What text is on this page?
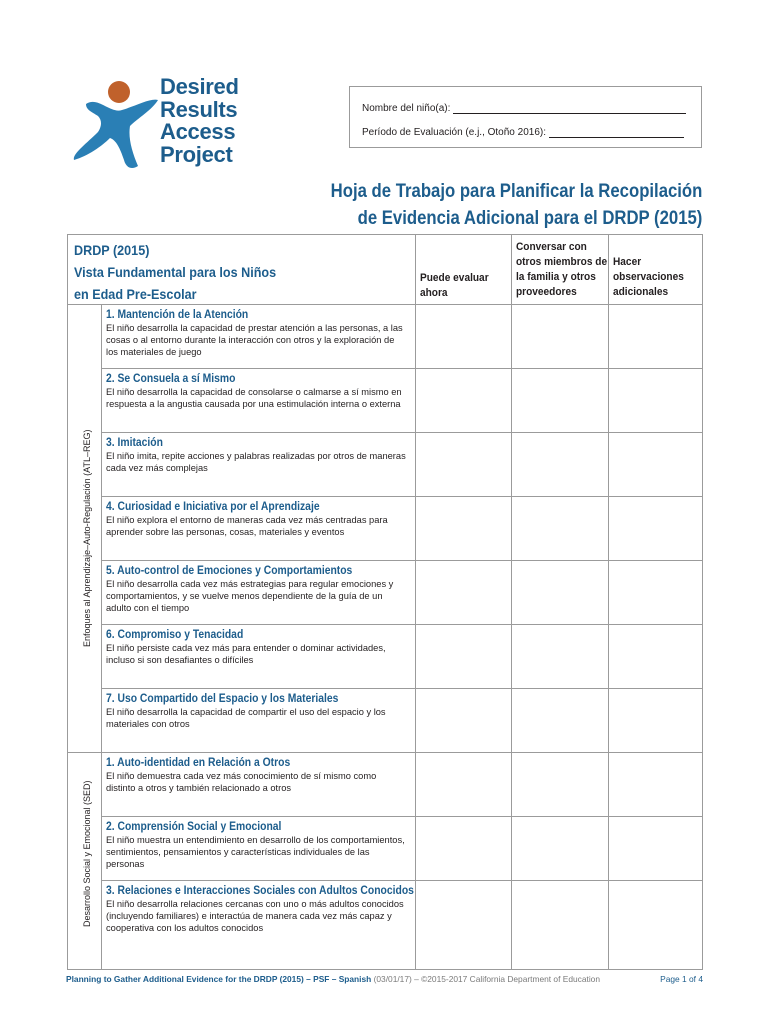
Desired
Results
Access
Project
Nombre del niño(a):
Período de Evaluación (e.j., Otoño 2016):
Hoja de Trabajo para Planificar la Recopilación
de Evidencia Adicional para el DRDP (2015)
DRDP (2015)
Vista Fundamental para los Niños
en Edad Pre-Escolar
Puede evaluar
ahora
Conversar con
otros miembros de
la familia y otros
proveedores
Hacer
observaciones
adicionales
Enfoques al Aprendizaje–Auto-Regulación (ATL–REG)
Desarrollo Social y Emocional (SED)
1. Mantención de la Atención
El niño desarrolla la capacidad de prestar atención a las personas, a las cosas o al entorno durante la interacción con otros y la exploración de los materiales de juego
2. Se Consuela a sí Mismo
El niño desarrolla la capacidad de consolarse o calmarse a sí mismo en respuesta a la angustia causada por una estimulación interna o externa
3. Imitación
El niño imita, repite acciones y palabras realizadas por otros de maneras cada vez más complejas
4. Curiosidad e Iniciativa por el Aprendizaje
El niño explora el entorno de maneras cada vez más centradas para aprender sobre las personas, cosas, materiales y eventos
5. Auto-control de Emociones y Comportamientos
El niño desarrolla cada vez más estrategias para regular emociones y comportamientos, y se vuelve menos dependiente de la guía de un adulto con el tiempo
6. Compromiso y Tenacidad
El niño persiste cada vez más para entender o dominar actividades, incluso si son desafiantes o difíciles
7. Uso Compartido del Espacio y los Materiales
El niño desarrolla la capacidad de compartir el uso del espacio y los materiales con otros
1. Auto-identidad en Relación a Otros
El niño demuestra cada vez más conocimiento de sí mismo como distinto a otros y también relacionado a otros
2. Comprensión Social y Emocional
El niño muestra un entendimiento en desarrollo de los comportamientos, sentimientos, pensamientos y características individuales de las personas
3. Relaciones e Interacciones Sociales con Adultos Conocidos
El niño desarrolla relaciones cercanas con uno o más adultos conocidos (incluyendo familiares) e interactúa de manera cada vez más capaz y cooperativa con los adultos conocidos
Planning to Gather Additional Evidence for the DRDP (2015) – PSF – Spanish (03/01/17) – ©2015-2017 California Department of Education	Page 1 of 4
